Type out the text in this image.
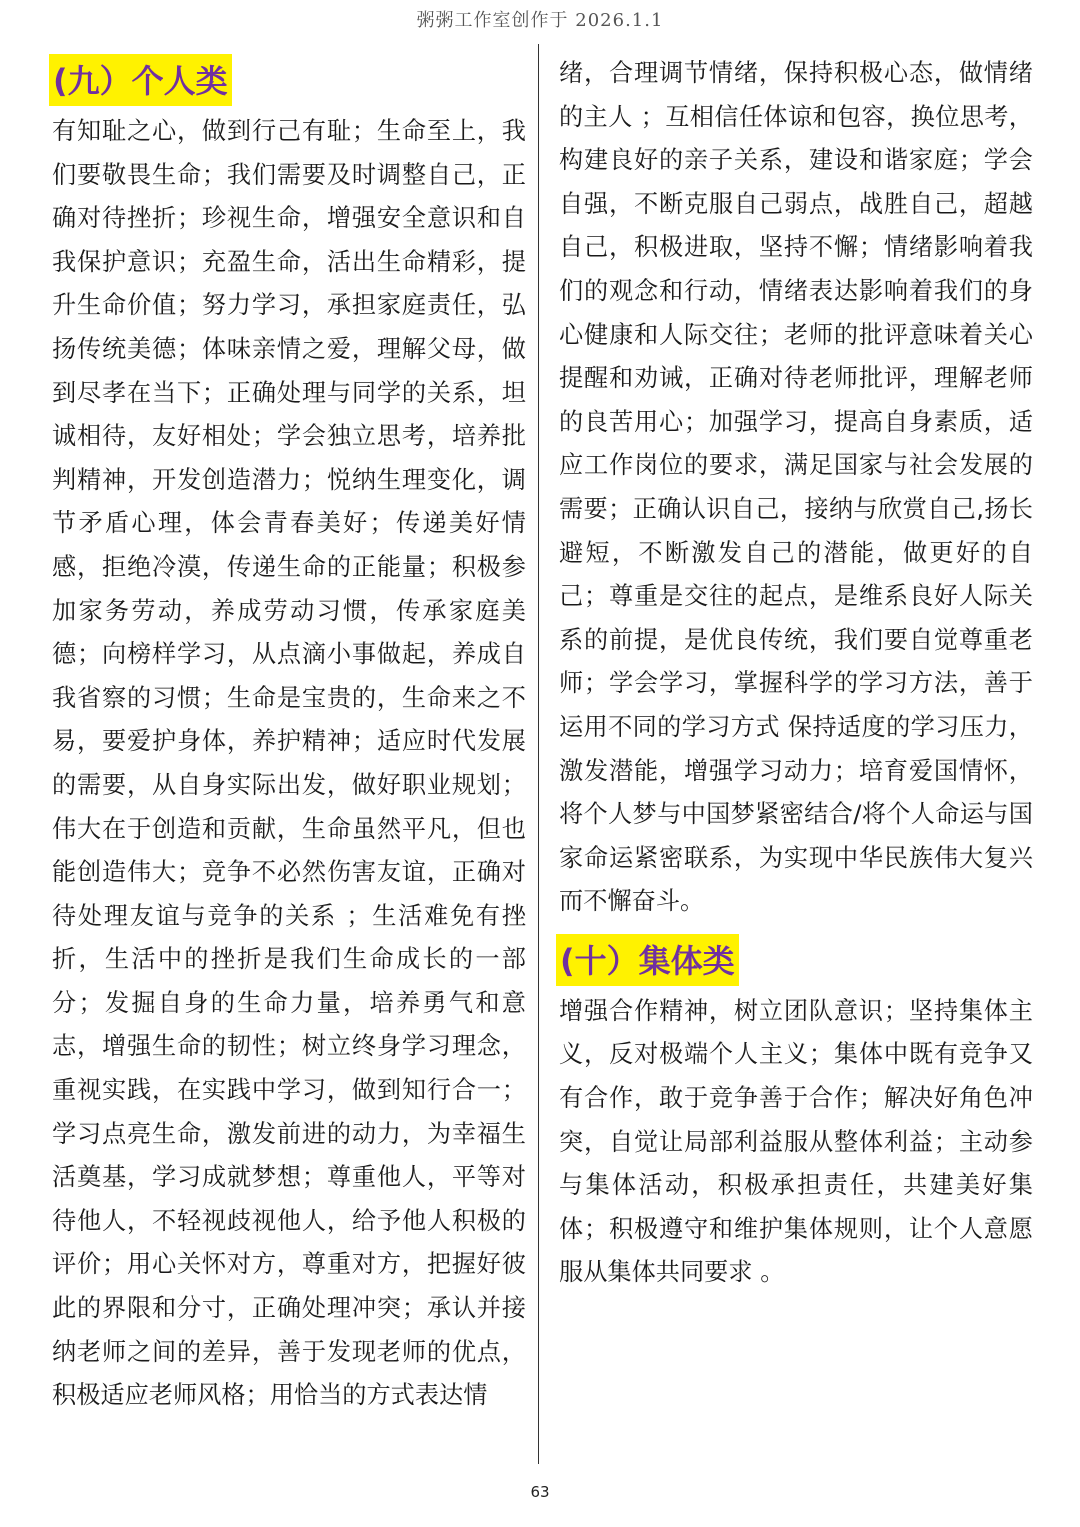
粥粥工作室创作于 2026.1.1
(九）个人类

有知耻之心，做到行己有耻；生命至上，我们要敬畏生命；我们需要及时调整自己，正确对待挫折；珍视生命，增强安全意识和自我保护意识；充盈生命，活出生命精彩，提升生命价值；努力学习，承担家庭责任，弘扬传统美德；体味亲情之爱，理解父母，做到尽孝在当下；正确处理与同学的关系，坦诚相待，友好相处；学会独立思考，培养批判精神，开发创造潜力；悦纳生理变化，调节矛盾心理，体会青春美好；传递美好情感，拒绝冷漠，传递生命的正能量；积极参加家务劳动，养成劳动习惯，传承家庭美德；向榜样学习，从点滴小事做起，养成自我省察的习惯；生命是宝贵的，生命来之不易，要爱护身体，养护精神；适应时代发展的需要，从自身实际出发，做好职业规划；伟大在于创造和贡献，生命虽然平凡，但也能创造伟大；竞争不必然伤害友谊，正确对待处理友谊与竞争的关系 ；生活难免有挫折，生活中的挫折是我们生命成长的一部分；发掘自身的生命力量，培养勇气和意志，增强生命的韧性；树立终身学习理念，重视实践，在实践中学习，做到知行合一；学习点亮生命，激发前进的动力，为幸福生活奠基，学习成就梦想；尊重他人，平等对待他人，不轻视歧视他人，给予他人积极的评价；用心关怀对方，尊重对方，把握好彼此的界限和分寸，正确处理冲突；承认并接纳老师之间的差异，善于发现老师的优点，积极适应老师风格；用恰当的方式表达情

绪，合理调节情绪，保持积极心态，做情绪的主人 ；互相信任体谅和包容，换位思考，构建良好的亲子关系，建设和谐家庭；学会自强，不断克服自己弱点，战胜自己，超越自己，积极进取，坚持不懈；情绪影响着我们的观念和行动，情绪表达影响着我们的身心健康和人际交往；老师的批评意味着关心提醒和劝诫，正确对待老师批评，理解老师的良苦用心；加强学习，提高自身素质，适应工作岗位的要求，满足国家与社会发展的需要；正确认识自己，接纳与欣赏自己,扬长避短，不断激发自己的潜能，做更好的自己；尊重是交往的起点，是维系良好人际关系的前提，是优良传统，我们要自觉尊重老师；学会学习，掌握科学的学习方法，善于运用不同的学习方式 保持适度的学习压力，激发潜能，增强学习动力；培育爱国情怀，将个人梦与中国梦紧密结合/将个人命运与国家命运紧密联系，为实现中华民族伟大复兴而不懈奋斗。

(十）集体类

增强合作精神，树立团队意识；坚持集体主义，反对极端个人主义；集体中既有竞争又有合作，敢于竞争善于合作；解决好角色冲突，自觉让局部利益服从整体利益；主动参与集体活动，积极承担责任，共建美好集体；积极遵守和维护集体规则，让个人意愿服从集体共同要求 。

63
